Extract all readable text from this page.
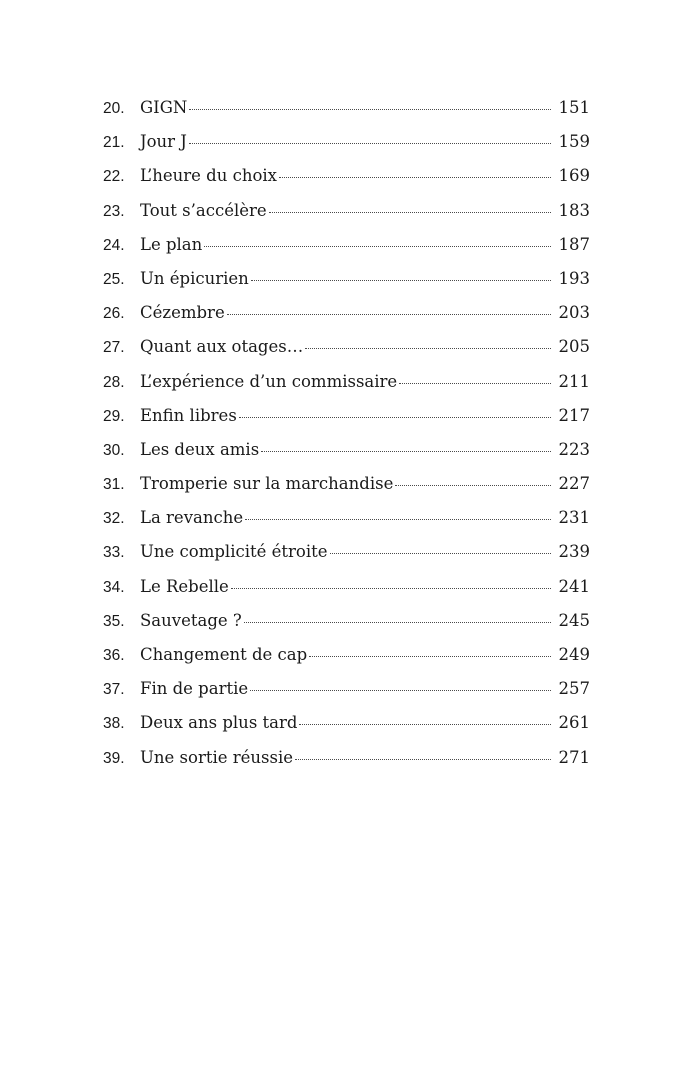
20. GIGN	151
21. Jour J	159
22. L’heure du choix	169
23. Tout s’accélère	183
24. Le plan	187
25. Un épicurien	193
26. Cézembre	203
27. Quant aux otages…	205
28. L’expérience d’un commissaire	211
29. Enfin libres	217
30. Les deux amis	223
31. Tromperie sur la marchandise	227
32. La revanche	231
33. Une complicité étroite	239
34. Le Rebelle	241
35. Sauvetage ?	245
36. Changement de cap	249
37. Fin de partie	257
38. Deux ans plus tard	261
39. Une sortie réussie	271
